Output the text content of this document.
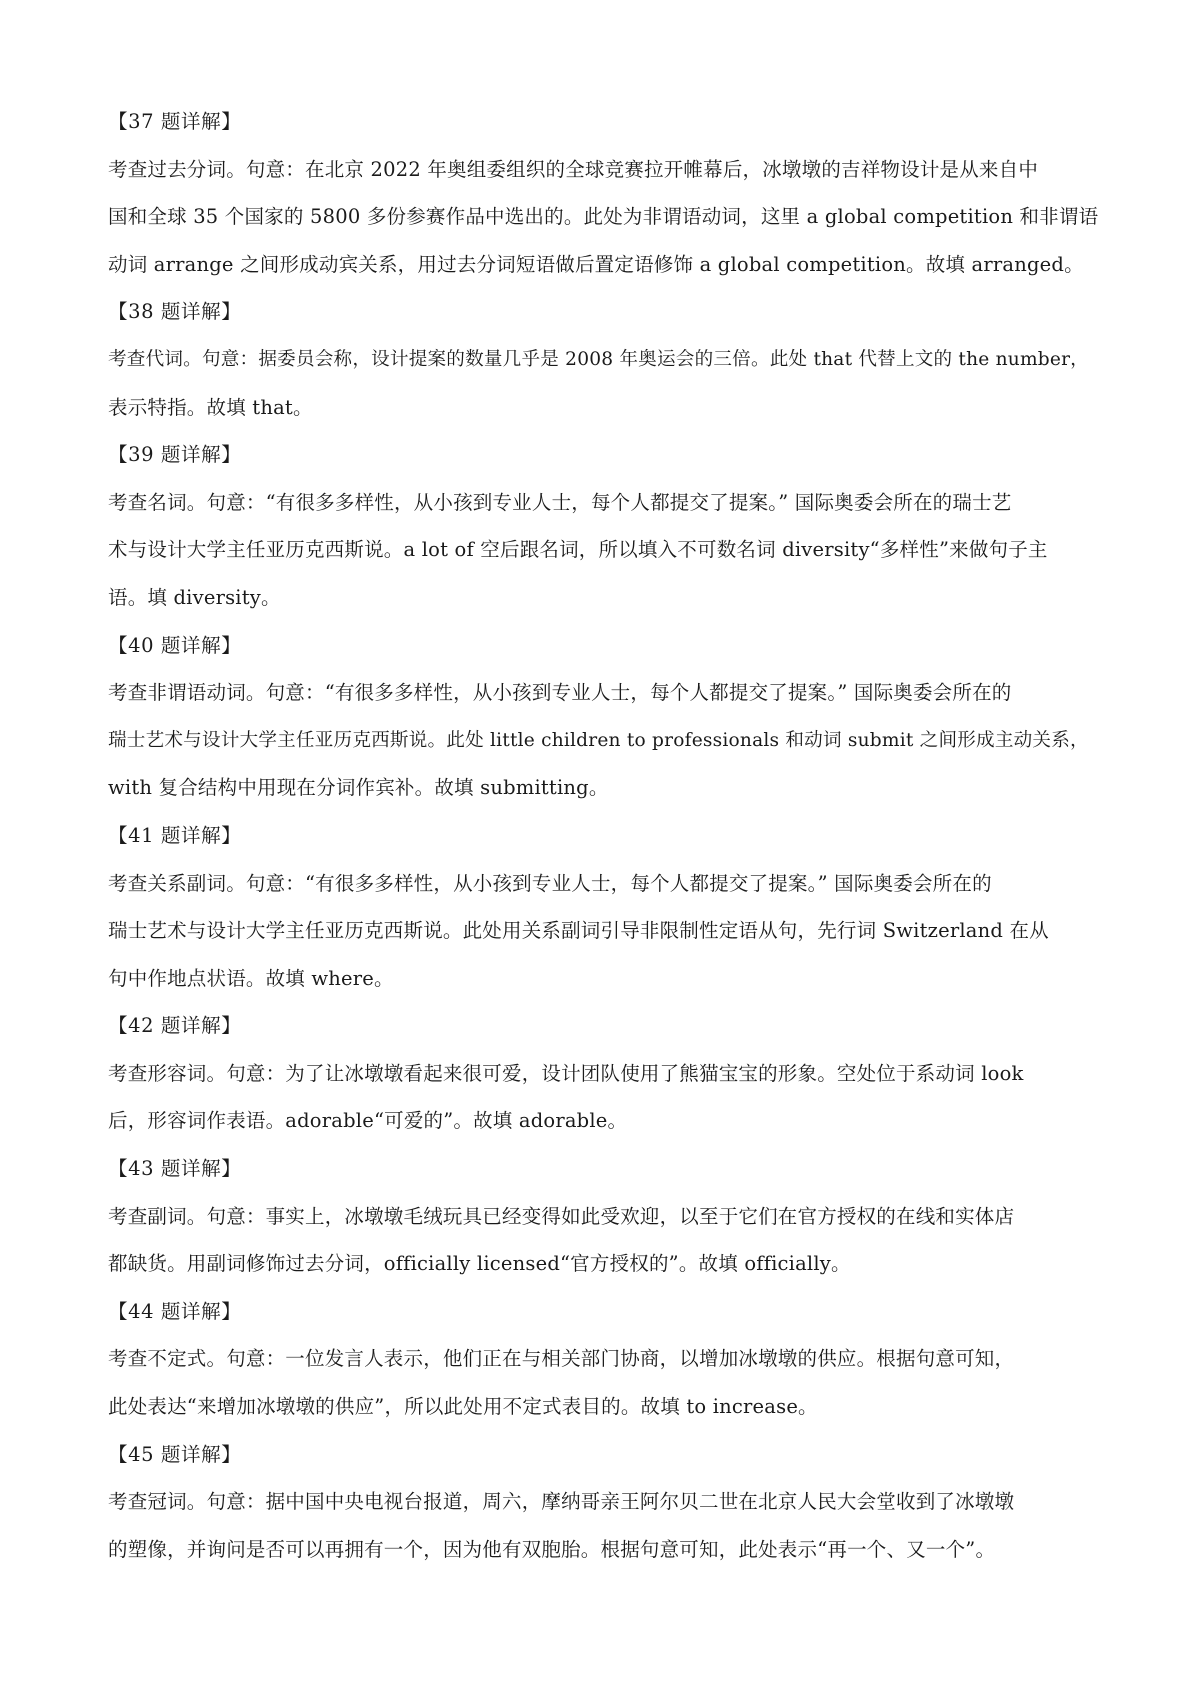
【37 题详解】
考查过去分词。句意：在北京 2022 年奥组委组织的全球竞赛拉开帷幕后，冰墩墩的吉祥物设计是从来自中
国和全球 35 个国家的 5800 多份参赛作品中选出的。此处为非谓语动词，这里 a global competition 和非谓语
动词 arrange 之间形成动宾关系，用过去分词短语做后置定语修饰 a global competition。故填 arranged。
【38 题详解】
考查代词。句意：据委员会称，设计提案的数量几乎是 2008 年奥运会的三倍。此处 that 代替上文的 the number，
表示特指。故填 that。
【39 题详解】
考查名词。句意：“有很多多样性，从小孩到专业人士，每个人都提交了提案。” 国际奥委会所在的瑞士艺
术与设计大学主任亚历克西斯说。a lot of 空后跟名词，所以填入不可数名词 diversity“多样性”来做句子主
语。填 diversity。
【40 题详解】
考查非谓语动词。句意：“有很多多样性，从小孩到专业人士，每个人都提交了提案。” 国际奥委会所在的
瑞士艺术与设计大学主任亚历克西斯说。此处 little children to professionals 和动词 submit 之间形成主动关系，
with 复合结构中用现在分词作宾补。故填 submitting。
【41 题详解】
考查关系副词。句意：“有很多多样性，从小孩到专业人士，每个人都提交了提案。” 国际奥委会所在的
瑞士艺术与设计大学主任亚历克西斯说。此处用关系副词引导非限制性定语从句，先行词 Switzerland 在从
句中作地点状语。故填 where。
【42 题详解】
考查形容词。句意：为了让冰墩墩看起来很可爱，设计团队使用了熊猫宝宝的形象。空处位于系动词 look
后，形容词作表语。adorable“可爱的”。故填 adorable。
【43 题详解】
考查副词。句意：事实上，冰墩墩毛绒玩具已经变得如此受欢迎，以至于它们在官方授权的在线和实体店
都缺货。用副词修饰过去分词，officially licensed“官方授权的”。故填 officially。
【44 题详解】
考查不定式。句意：一位发言人表示，他们正在与相关部门协商，以增加冰墩墩的供应。根据句意可知，
此处表达“来增加冰墩墩的供应”，所以此处用不定式表目的。故填 to increase。
【45 题详解】
考查冠词。句意：据中国中央电视台报道，周六，摩纳哥亲王阿尔贝二世在北京人民大会堂收到了冰墩墩
的塑像，并询问是否可以再拥有一个，因为他有双胞胎。根据句意可知，此处表示“再一个、又一个”。
